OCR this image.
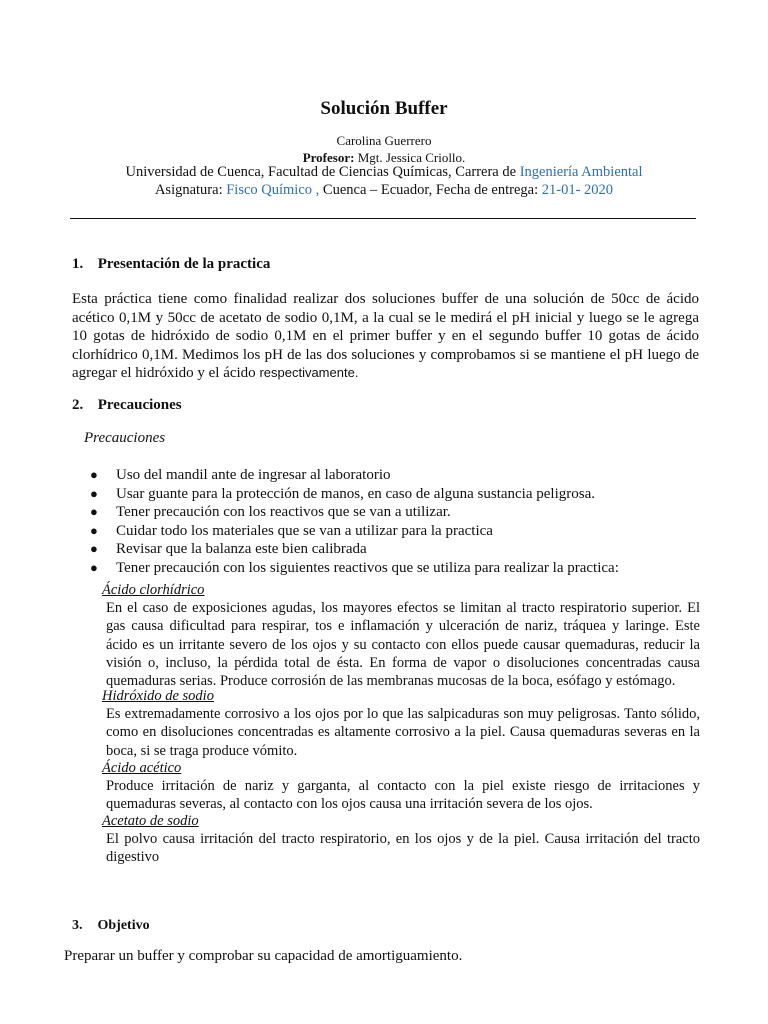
Solución Buffer
Carolina Guerrero
Profesor: Mgt. Jessica Criollo.
Universidad de Cuenca, Facultad de Ciencias Químicas, Carrera de Ingeniería Ambiental
Asignatura: Fisco Químico , Cuenca – Ecuador, Fecha de entrega: 21-01- 2020
1. Presentación de la practica
Esta práctica tiene como finalidad realizar dos soluciones buffer de una solución de 50cc de ácido acético 0,1M y 50cc de acetato de sodio 0,1M, a la cual se le medirá el pH inicial y luego se le agrega 10 gotas de hidróxido de sodio 0,1M en el primer buffer y en el segundo buffer 10 gotas de ácido clorhídrico 0,1M. Medimos los pH de las dos soluciones y comprobamos si se mantiene el pH luego de agregar el hidróxido y el ácido respectivamente.
2. Precauciones
Precauciones
● Uso del mandil ante de ingresar al laboratorio
● Usar guante para la protección de manos, en caso de alguna sustancia peligrosa.
● Tener precaución con los reactivos que se van a utilizar.
● Cuidar todo los materiales que se van a utilizar para la practica
● Revisar que la balanza este bien calibrada
● Tener precaución con los siguientes reactivos que se utiliza para realizar la practica:
Ácido clorhídrico
En el caso de exposiciones agudas, los mayores efectos se limitan al tracto respiratorio superior. El gas causa dificultad para respirar, tos e inflamación y ulceración de nariz, tráquea y laringe. Este ácido es un irritante severo de los ojos y su contacto con ellos puede causar quemaduras, reducir la visión o, incluso, la pérdida total de ésta. En forma de vapor o disoluciones concentradas causa quemaduras serias. Produce corrosión de las membranas mucosas de la boca, esófago y estómago.
Hidróxido de sodio
Es extremadamente corrosivo a los ojos por lo que las salpicaduras son muy peligrosas. Tanto sólido, como en disoluciones concentradas es altamente corrosivo a la piel. Causa quemaduras severas en la boca, si se traga produce vómito.
Ácido acético
Produce irritación de nariz y garganta, al contacto con la piel existe riesgo de irritaciones y quemaduras severas, al contacto con los ojos causa una irritación severa de los ojos.
Acetato de sodio
El polvo causa irritación del tracto respiratorio, en los ojos y de la piel. Causa irritación del tracto digestivo
3. Objetivo
Preparar un buffer y comprobar su capacidad de amortiguamiento.
